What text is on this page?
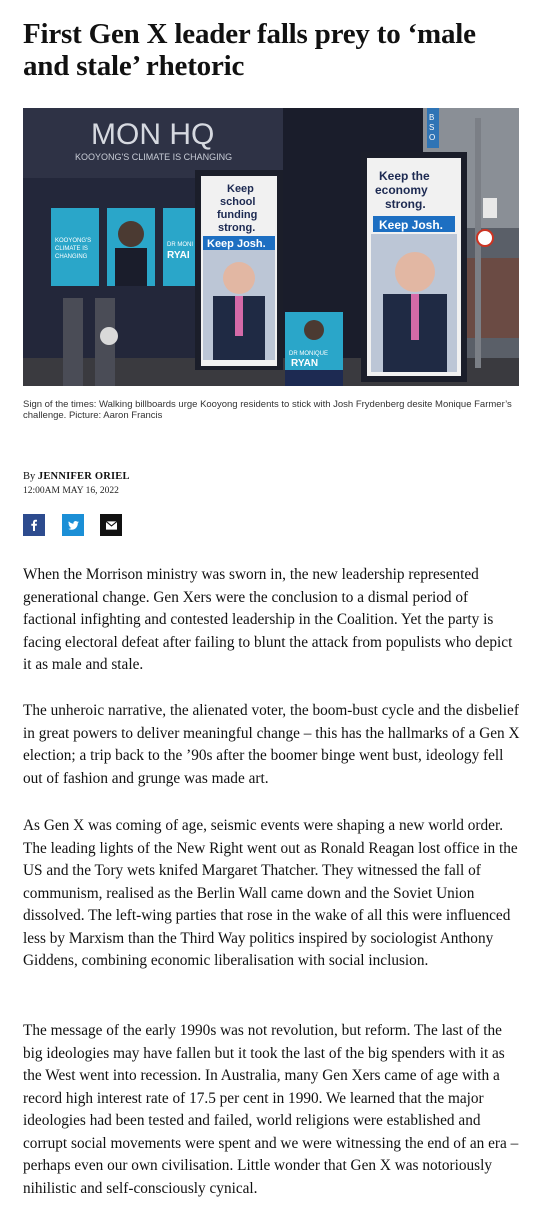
First Gen X leader falls prey to ‘male and stale’ rhetoric
MON HQ
KOOYONG'S CLIMATE IS CHANGING
KOOYONG'S
CLIMATE IS
CHANGING
DR MONI
RYAI
Keep
school
funding
strong.
Keep Josh.
Keep the
economy
strong.
Keep Josh.
DR MONIQUE
RYAN
B
S
O

Sign of the times: Walking billboards urge Kooyong residents to stick with Josh Frydenberg desite Monique Farmer’s challenge. Picture: Aaron Francis

By JENNIFER ORIEL
12:00AM MAY 16, 2022

When the Morrison ministry was sworn in, the new leadership represented generational change. Gen Xers were the conclusion to a dismal period of factional infighting and contested leadership in the Coalition. Yet the party is facing electoral defeat after failing to blunt the attack from populists who depict it as male and stale.

The unheroic narrative, the alienated voter, the boom-bust cycle and the disbelief in great powers to deliver meaningful change – this has the hallmarks of a Gen X election; a trip back to the ’90s after the boomer binge went bust, ideology fell out of fashion and grunge was made art.

As Gen X was coming of age, seismic events were shaping a new world order. The leading lights of the New Right went out as Ronald Reagan lost office in the US and the Tory wets knifed Margaret Thatcher. They witnessed the fall of communism, realised as the Berlin Wall came down and the Soviet Union dissolved. The left-wing parties that rose in the wake of all this were influenced less by Marxism than the Third Way politics inspired by sociologist Anthony Giddens, combining economic liberalisation with social inclusion.

The message of the early 1990s was not revolution, but reform. The last of the big ideologies may have fallen but it took the last of the big spenders with it as the West went into recession. In Australia, many Gen Xers came of age with a record high interest rate of 17.5 per cent in 1990. We learned that the major ideologies had been tested and failed, world religions were established and corrupt social movements were spent and we were witnessing the end of an era – perhaps even our own civilisation. Little wonder that Gen X was notoriously nihilistic and self-consciously cynical.
